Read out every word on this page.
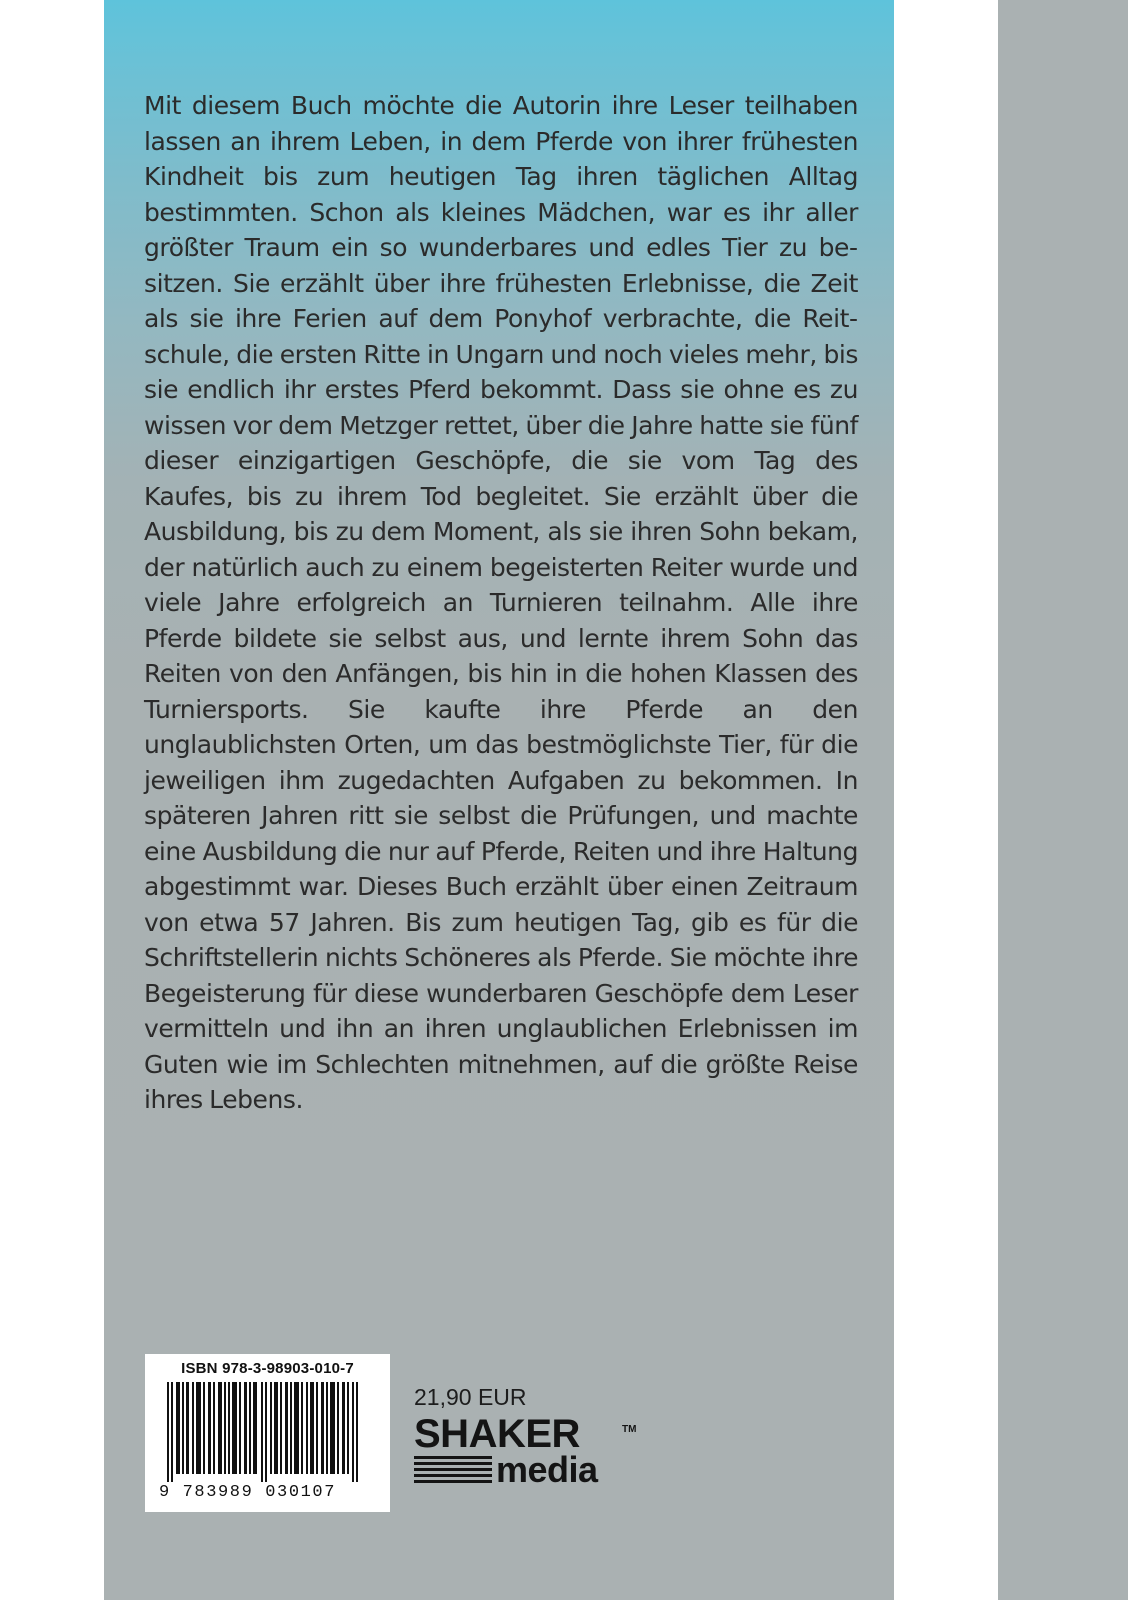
Mit diesem Buch möchte die Autorin ihre Leser teilhaben lassen an ihrem Leben, in dem Pferde von ihrer frühesten Kindheit bis zum heutigen Tag ihren täglichen Alltag bestimmten. Schon als kleines Mädchen, war es ihr aller größter Traum ein so wunderbares und edles Tier zu besitzen. Sie erzählt über ihre frühesten Erlebnisse, die Zeit als sie ihre Ferien auf dem Ponyhof verbrachte, die Reitschule, die ersten Ritte in Ungarn und noch vieles mehr, bis sie endlich ihr erstes Pferd bekommt. Dass sie ohne es zu wissen vor dem Metzger rettet, über die Jahre hatte sie fünf dieser einzigartigen Geschöpfe, die sie vom Tag des Kaufes, bis zu ihrem Tod begleitet. Sie erzählt über die Ausbildung, bis zu dem Moment, als sie ihren Sohn bekam, der natürlich auch zu einem begeisterten Reiter wurde und viele Jahre erfolgreich an Turnieren teilnahm. Alle ihre Pferde bildete sie selbst aus, und lernte ihrem Sohn das Reiten von den Anfängen, bis hin in die hohen Klassen des Turniersports. Sie kaufte ihre Pferde an den unglaublichsten Orten, um das bestmöglichste Tier, für die jeweiligen ihm zugedachten Aufgaben zu bekommen. In späteren Jahren ritt sie selbst die Prüfungen, und machte eine Ausbildung die nur auf Pferde, Reiten und ihre Haltung abgestimmt war. Dieses Buch erzählt über einen Zeitraum von etwa 57 Jahren. Bis zum heutigen Tag, gib es für die Schriftstellerin nichts Schöneres als Pferde. Sie möchte ihre Begeisterung für diese wunderbaren Geschöpfe dem Leser vermitteln und ihn an ihren unglaublichen Erlebnissen im Guten wie im Schlechten mitnehmen, auf die größte Reise ihres Lebens.

ISBN 978-3-98903-010-7
9 783989 030107
21,90 EUR
SHAKER	TM
media
